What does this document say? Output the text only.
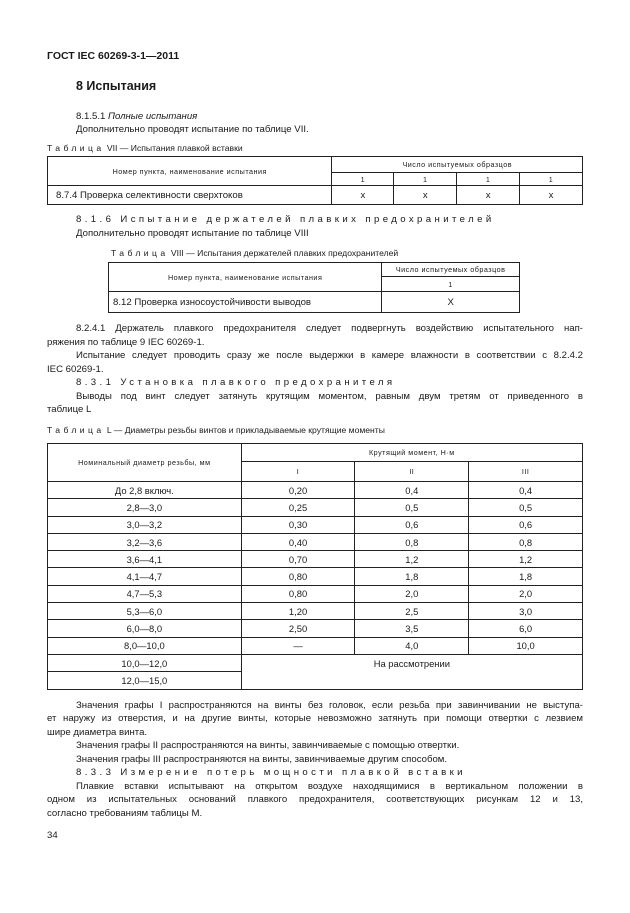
ГОСТ IEC 60269-3-1—2011
8 Испытания
8.1.5.1 Полные испытания
Дополнительно проводят испытание по таблице VII.
Таблица VII — Испытания плавкой вставки
Номер пункта, наименование испытания	Число испытуемых образцов			
	1	1	1	1
8.7.4 Проверка селективности сверхтоков	x	x	x	x
8.1.6 Испытание держателей плавких предохранителей
Дополнительно проводят испытание по таблице VIII
Таблица VIII — Испытания держателей плавких предохранителей
Номер пункта, наименование испытания	Число испытуемых образцов
	1
8.12 Проверка износоустойчивости выводов	X
8.2.4.1 Держатель плавкого предохранителя следует подвергнуть воздействию испытательного нап-
ряжения по таблице 9 IEC 60269-1.
Испытание следует проводить сразу же после выдержки в камере влажности в соответствии с 8.2.4.2
IEC 60269-1.
8.3.1 Установка плавкого предохранителя
Выводы под винт следует затянуть крутящим моментом, равным двум третям от приведенного в
таблице L
Таблица L — Диаметры резьбы винтов и прикладываемые крутящие моменты
Номинальный диаметр резьбы, мм	Крутящий момент, Н·м		
	I	II	III
До 2,8 включ.	0,20	0,4	0,4
2,8—3,0	0,25	0,5	0,5
3,0—3,2	0,30	0,6	0,6
3,2—3,6	0,40	0,8	0,8
3,6—4,1	0,70	1,2	1,2
4,1—4,7	0,80	1,8	1,8
4,7—5,3	0,80	2,0	2,0
5,3—6,0	1,20	2,5	3,0
6,0—8,0	2,50	3,5	6,0
8,0—10,0	—	4,0	10,0
10,0—12,0	На рассмотрении		
12,0—15,0			
Значения графы I распространяются на винты без головок, если резьба при завинчивании не выступа-
ет наружу из отверстия, и на другие винты, которые невозможно затянуть при помощи отвертки с лезвием
шире диаметра винта.
Значения графы II распространяются на винты, завинчиваемые с помощью отвертки.
Значения графы III распространяются на винты, завинчиваемые другим способом.
8.3.3 Измерение потерь мощности плавкой вставки
Плавкие вставки испытывают на открытом воздухе находящимися в вертикальном положении в
одном из испытательных оснований плавкого предохранителя, соответствующих рисункам 12 и 13,
согласно требованиям таблицы М.
34
